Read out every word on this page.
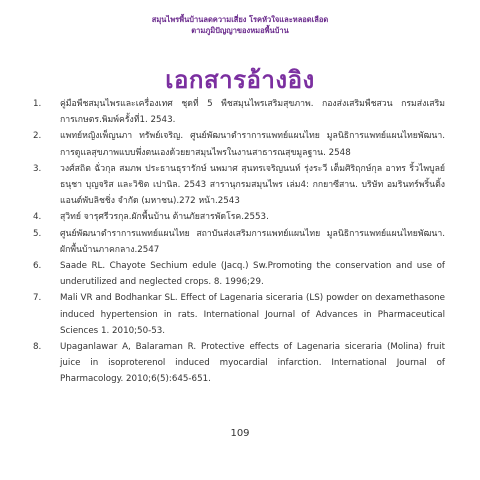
สมุนไพรพื้นบ้านลดความเสี่ยง โรคหัวใจและหลอดเลือด
ตามภูมิปัญญาของหมอพื้นบ้าน
เอกสารอ้างอิง
1.	คู่มือพืชสมุนไพรและเครื่องเทศ ชุดที่ 5 พืชสมุนไพรเสริมสุขภาพ. กองส่งเสริมพืชสวน กรมส่งเสริมการเกษตร.พิมพ์ครั้งที่1. 2543.
2.	แพทย์หญิงเพ็ญนภา ทรัพย์เจริญ. ศูนย์พัฒนาตำราการแพทย์แผนไทย มูลนิธิการแพทย์แผนไทยพัฒนา. การดูแลสุขภาพแบบพึ่งตนเองด้วยยาสมุนไพรในงานสาธารณสุขมูลฐาน. 2548
3.	วงศ์สถิต ฉั่วกุล สมภพ ประธานธุรารักษ์ นพมาศ สุนทรเจริญนนท์ รุ่งระวี เต็มศิริฤกษ์กุล อาทร ริ้วไพบูลย์ ธนุชา บุญจริส และวิชิต เปานิล. 2543 สารานุกรมสมุนไพร เล่ม4: กกยาซีสาน. บริษัท อมรินทร์พริ้นติ้งแอนด์พับลิชชิ่ง จำกัด (มหาชน).272 หน้า.2543
4.	สุวิทย์ จารุศรีวรกุล.ผักพื้นบ้าน ต้านภัยสารพัดโรค.2553.
5.	ศูนย์พัฒนาตำราการแพทย์แผนไทย สถาบันส่งเสริมการแพทย์แผนไทย มูลนิธิการแพทย์แผนไทยพัฒนา. ผักพื้นบ้านภาคกลาง.2547
6.	Saade RL. Chayote Sechium edule (Jacq.) Sw.Promoting the conservation and use of underutilized and neglected crops. 8. 1996;29.
7.	Mali VR and Bodhankar SL. Effect of Lagenaria siceraria (LS) powder on dexamethasone induced hypertension in rats. International Journal of Advances in Pharmaceutical Sciences 1. 2010;50-53.
8.	Upaganlawar A, Balaraman R. Protective effects of Lagenaria siceraria (Molina) fruit juice in isoproterenol induced myocardial infarction. International Journal of Pharmacology. 2010;6(5):645-651.
109
